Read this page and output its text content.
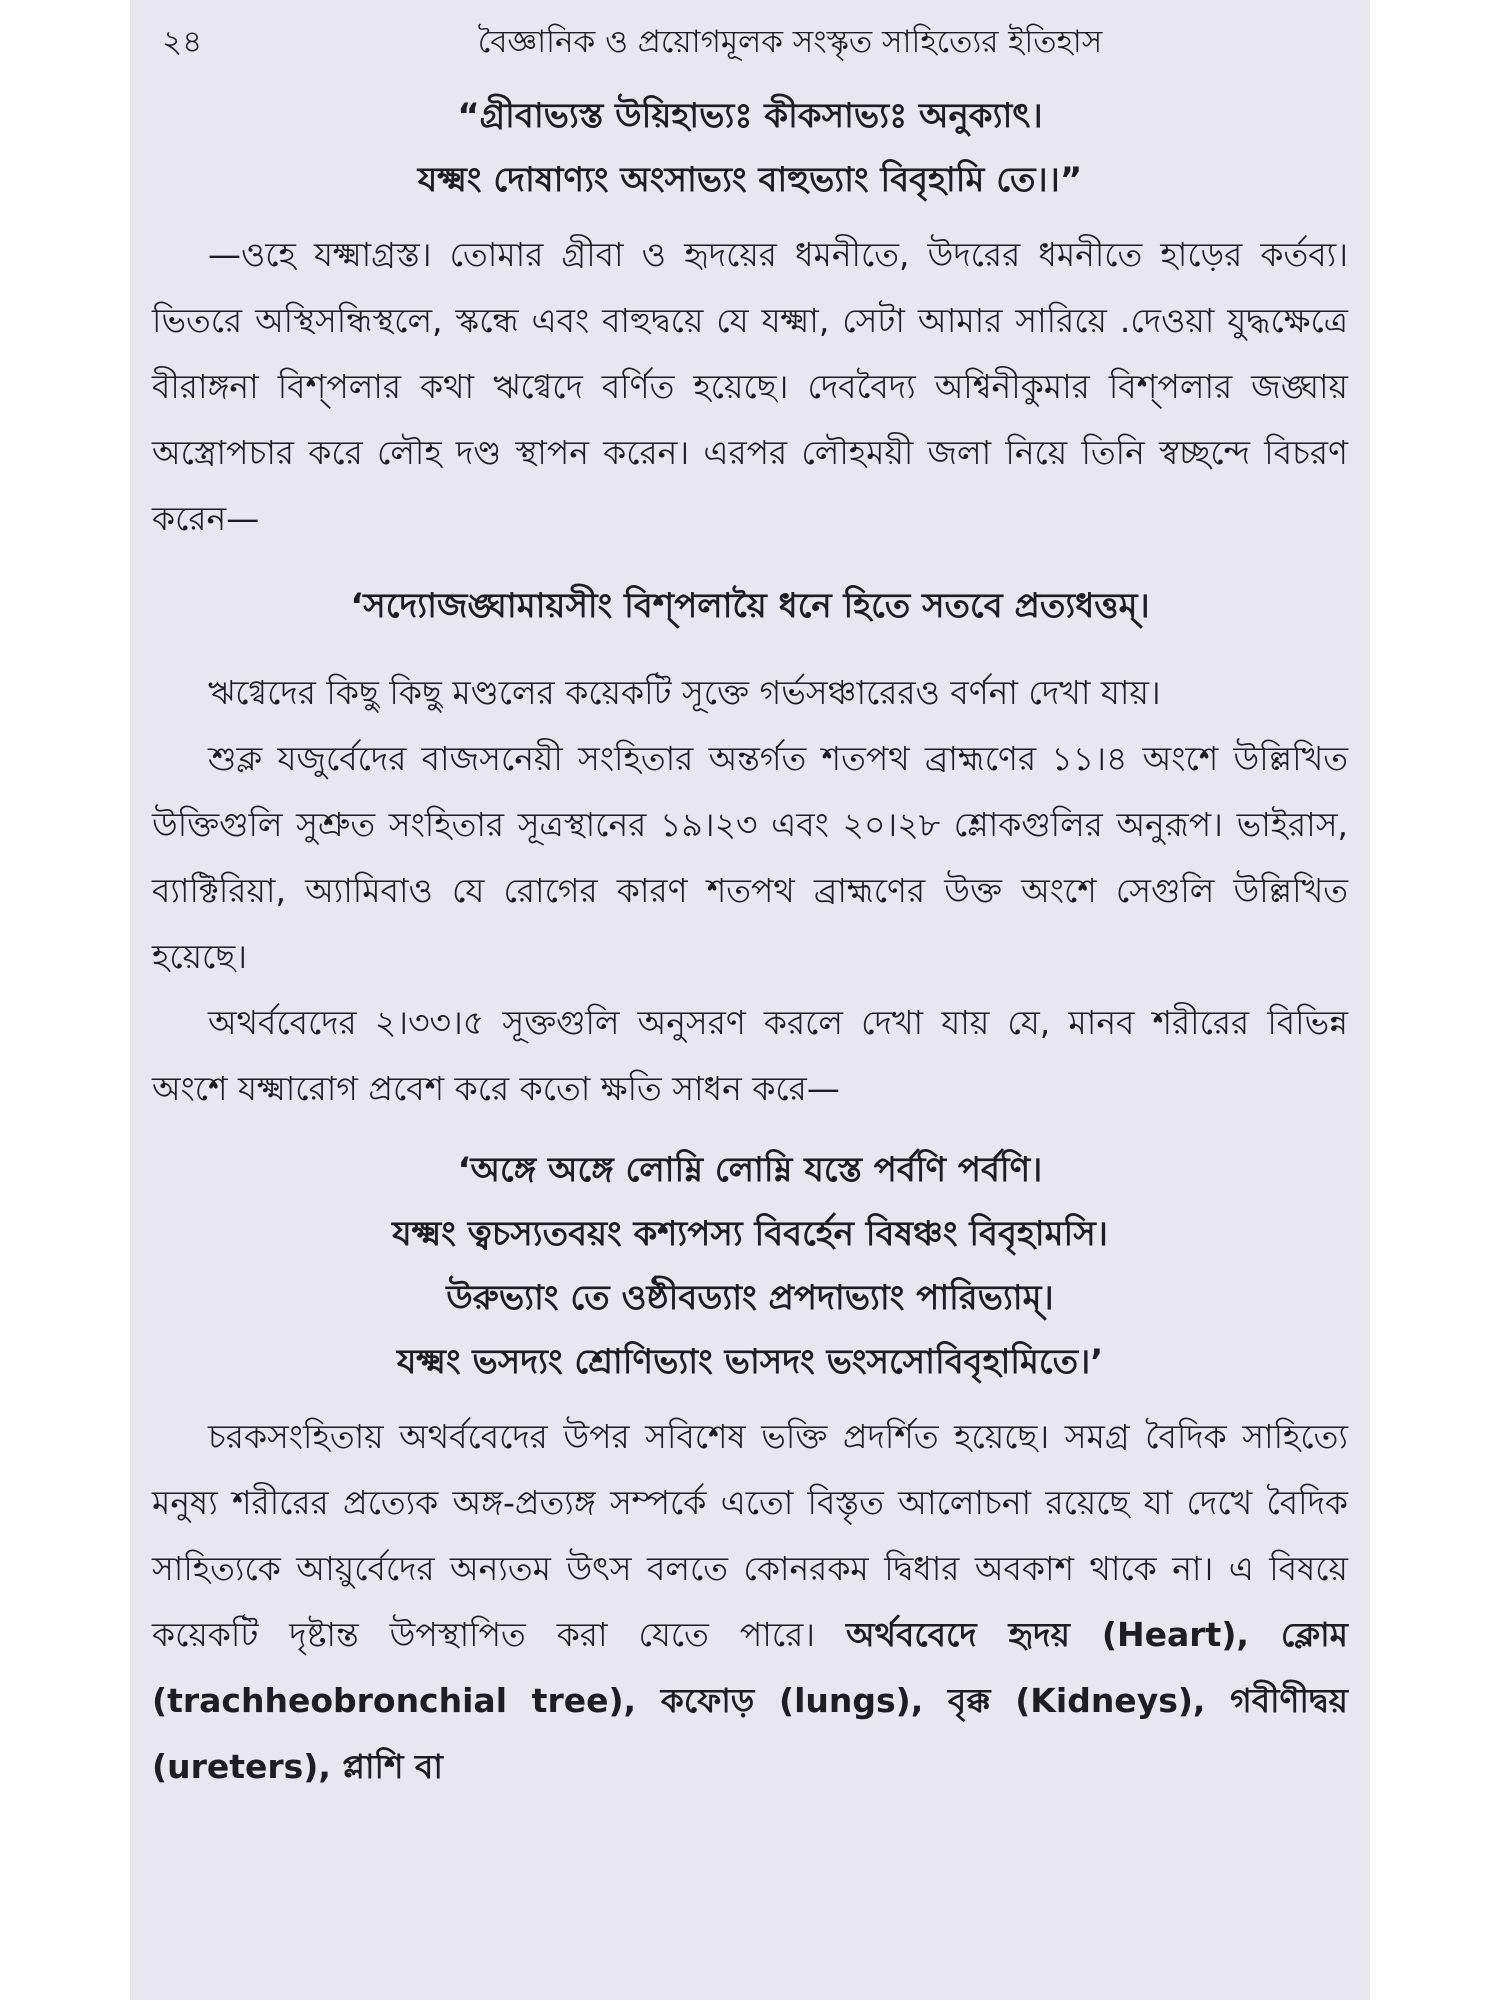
২৪	বৈজ্ঞানিক ও প্রয়োগমূলক সংস্কৃত সাহিত্যের ইতিহাস
“গ্রীবাভ্যস্ত উয়িহাভ্যঃ কীকসাভ্যঃ অনুক্যাৎ।
যক্ষ্মং দোষাণ্যং অংসাভ্যং বাহুভ্যাং বিবৃহামি তে।।”

—ওহে যক্ষ্মাগ্রস্ত। তোমার গ্রীবা ও হৃদয়ের ধমনীতে, উদরের ধমনীতে হাড়ের কর্তব্য। ভিতরে অস্থিসন্ধিস্থলে, স্কন্ধে এবং বাহুদ্বয়ে যে যক্ষ্মা, সেটা আমার সারিয়ে .দেওয়া যুদ্ধক্ষেত্রে বীরাঙ্গনা বিশ্পলার কথা ঋগ্বেদে বর্ণিত হয়েছে। দেববৈদ্য অশ্বিনীকুমার বিশ্পলার জঙ্ঘায় অস্ত্রোপচার করে লৌহ দণ্ড স্থাপন করেন। এরপর লৌহময়ী জলা নিয়ে তিনি স্বচ্ছন্দে বিচরণ করেন—

‘সদ্যোজঙ্ঘামায়সীং বিশ্পলায়ৈ ধনে হিতে সতবে প্রত্যধত্তম্।

ঋগ্বেদের কিছু কিছু মণ্ডলের কয়েকটি সূক্তে গর্ভসঞ্চারেরও বর্ণনা দেখা যায়।

শুক্ল যজুর্বেদের বাজসনেয়ী সংহিতার অন্তর্গত শতপথ ব্রাহ্মণের ১১।৪ অংশে উল্লিখিত উক্তিগুলি সুশ্রুত সংহিতার সূত্রস্থানের ১৯।২৩ এবং ২০।২৮ শ্লোকগুলির অনুরূপ। ভাইরাস, ব্যাক্টিরিয়া, অ্যামিবাও যে রোগের কারণ শতপথ ব্রাহ্মণের উক্ত অংশে সেগুলি উল্লিখিত হয়েছে।

অথর্ববেদের ২।৩৩।৫ সূক্তগুলি অনুসরণ করলে দেখা যায় যে, মানব শরীরের বিভিন্ন অংশে যক্ষ্মারোগ প্রবেশ করে কতো ক্ষতি সাধন করে—

‘অঙ্গে অঙ্গে লোম্নি লোম্নি যস্তে পর্বণি পর্বণি।
যক্ষ্মং ত্বচস্যতবয়ং কশ্যপস্য বিবর্হেন বিষঞ্চং বিবৃহামসি।
উরুভ্যাং তে ওষ্ঠীবড্যাং প্রপদাভ্যাং পারিভ্যাম্।
যক্ষ্মং ভসদ্যং শ্রোণিভ্যাং ভাসদং ভংসসোবিবৃহামিতে।’

চরকসংহিতায় অথর্ববেদের উপর সবিশেষ ভক্তি প্রদর্শিত হয়েছে। সমগ্র বৈদিক সাহিত্যে মনুষ্য শরীরের প্রত্যেক অঙ্গ-প্রত্যঙ্গ সম্পর্কে এতো বিস্তৃত আলোচনা রয়েছে যা দেখে বৈদিক সাহিত্যকে আয়ুর্বেদের অন্যতম উৎস বলতে কোনরকম দ্বিধার অবকাশ থাকে না। এ বিষয়ে কয়েকটি দৃষ্টান্ত উপস্থাপিত করা যেতে পারে। অর্থববেদে হৃদয় (Heart), ক্লোম (trachheobronchial tree), কফোড় (lungs), বৃক্ক (Kidneys), গবীণীদ্বয় (ureters), প্লাশি বা
